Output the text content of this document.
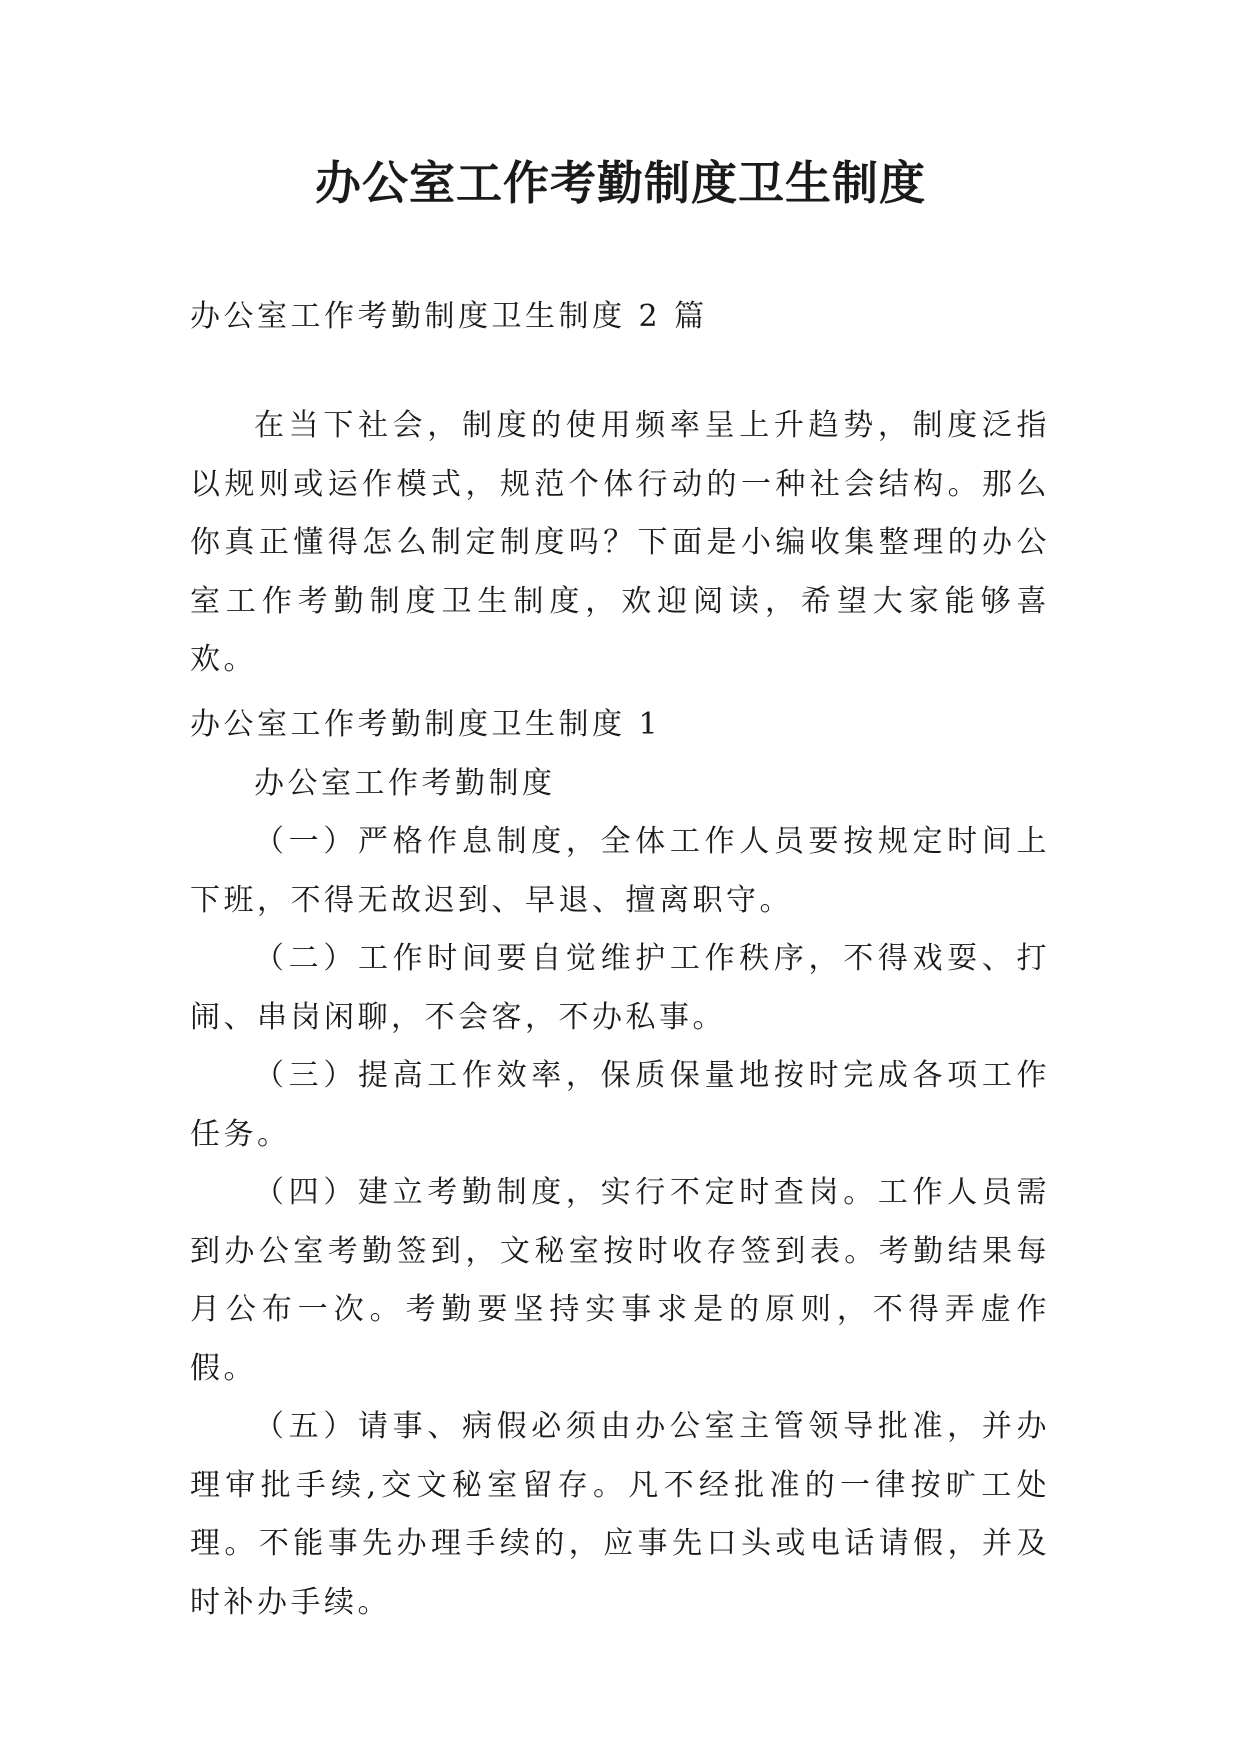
办公室工作考勤制度卫生制度

办公室工作考勤制度卫生制度 2 篇

在当下社会，制度的使用频率呈上升趋势，制度泛指以规则或运作模式，规范个体行动的一种社会结构。那么你真正懂得怎么制定制度吗？下面是小编收集整理的办公室工作考勤制度卫生制度，欢迎阅读，希望大家能够喜欢。

办公室工作考勤制度卫生制度 1

办公室工作考勤制度

（一）严格作息制度，全体工作人员要按规定时间上下班，不得无故迟到、早退、擅离职守。

（二）工作时间要自觉维护工作秩序，不得戏耍、打闹、串岗闲聊，不会客，不办私事。

（三）提高工作效率，保质保量地按时完成各项工作任务。

（四）建立考勤制度，实行不定时查岗。工作人员需到办公室考勤签到，文秘室按时收存签到表。考勤结果每月公布一次。考勤要坚持实事求是的原则，不得弄虚作假。

（五）请事、病假必须由办公室主管领导批准，并办理审批手续,交文秘室留存。凡不经批准的一律按旷工处理。不能事先办理手续的，应事先口头或电话请假，并及时补办手续。
